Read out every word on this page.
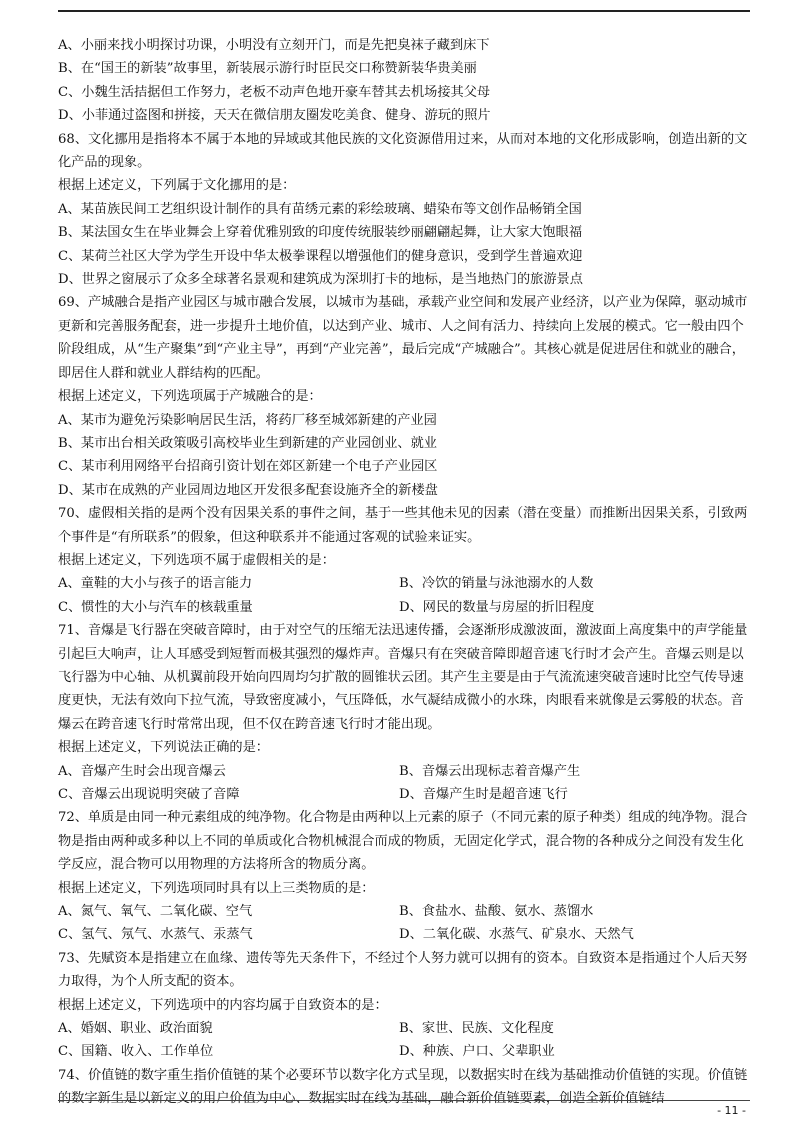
A、小丽来找小明探讨功课，小明没有立刻开门，而是先把臭袜子藏到床下

B、在“国王的新装”故事里，新装展示游行时臣民交口称赞新装华贵美丽

C、小魏生活拮据但工作努力，老板不动声色地开豪车替其去机场接其父母

D、小菲通过盗图和拼接，天天在微信朋友圈发吃美食、健身、游玩的照片

68、文化挪用是指将本不属于本地的异域或其他民族的文化资源借用过来，从而对本地的文化形成影响，创造出新的文化产品的现象。

根据上述定义，下列属于文化挪用的是：

A、某苗族民间工艺组织设计制作的具有苗绣元素的彩绘玻璃、蜡染布等文创作品畅销全国

B、某法国女生在毕业舞会上穿着优雅别致的印度传统服装纱丽翩翩起舞，让大家大饱眼福

C、某荷兰社区大学为学生开设中华太极拳课程以增强他们的健身意识，受到学生普遍欢迎

D、世界之窗展示了众多全球著名景观和建筑成为深圳打卡的地标，是当地热门的旅游景点

69、产城融合是指产业园区与城市融合发展，以城市为基础，承载产业空间和发展产业经济，以产业为保障，驱动城市更新和完善服务配套，进一步提升土地价值，以达到产业、城市、人之间有活力、持续向上发展的模式。它一般由四个阶段组成，从“生产聚集”到“产业主导”，再到“产业完善”，最后完成“产城融合”。其核心就是促进居住和就业的融合，即居住人群和就业人群结构的匹配。

根据上述定义，下列选项属于产城融合的是：

A、某市为避免污染影响居民生活，将药厂移至城郊新建的产业园

B、某市出台相关政策吸引高校毕业生到新建的产业园创业、就业

C、某市利用网络平台招商引资计划在郊区新建一个电子产业园区

D、某市在成熟的产业园周边地区开发很多配套设施齐全的新楼盘

70、虚假相关指的是两个没有因果关系的事件之间，基于一些其他未见的因素（潜在变量）而推断出因果关系，引致两个事件是“有所联系”的假象，但这种联系并不能通过客观的试验来证实。

根据上述定义，下列选项不属于虚假相关的是：

A、童鞋的大小与孩子的语言能力	B、冷饮的销量与泳池溺水的人数
C、惯性的大小与汽车的核载重量	D、网民的数量与房屋的折旧程度

71、音爆是飞行器在突破音障时，由于对空气的压缩无法迅速传播，会逐渐形成激波面，激波面上高度集中的声学能量引起巨大响声，让人耳感受到短暂而极其强烈的爆炸声。音爆只有在突破音障即超音速飞行时才会产生。音爆云则是以飞行器为中心轴、从机翼前段开始向四周均匀扩散的圆锥状云团。其产生主要是由于气流流速突破音速时比空气传导速度更快，无法有效向下拉气流，导致密度减小，气压降低，水气凝结成微小的水珠，肉眼看来就像是云雾般的状态。音爆云在跨音速飞行时常常出现，但不仅在跨音速飞行时才能出现。

根据上述定义，下列说法正确的是：

A、音爆产生时会出现音爆云	B、音爆云出现标志着音爆产生
C、音爆云出现说明突破了音障	D、音爆产生时是超音速飞行

72、单质是由同一种元素组成的纯净物。化合物是由两种以上元素的原子（不同元素的原子种类）组成的纯净物。混合物是指由两种或多种以上不同的单质或化合物机械混合而成的物质，无固定化学式，混合物的各种成分之间没有发生化学反应，混合物可以用物理的方法将所含的物质分离。

根据上述定义，下列选项同时具有以上三类物质的是：

A、氮气、氧气、二氧化碳、空气	B、食盐水、盐酸、氨水、蒸馏水
C、氢气、氖气、水蒸气、汞蒸气	D、二氧化碳、水蒸气、矿泉水、天然气

73、先赋资本是指建立在血缘、遗传等先天条件下，不经过个人努力就可以拥有的资本。自致资本是指通过个人后天努力取得，为个人所支配的资本。

根据上述定义，下列选项中的内容均属于自致资本的是：

A、婚姻、职业、政治面貌	B、家世、民族、文化程度
C、国籍、收入、工作单位	D、种族、户口、父辈职业

74、价值链的数字重生指价值链的某个必要环节以数字化方式呈现，以数据实时在线为基础推动价值链的实现。价值链的数字新生是以新定义的用户价值为中心、数据实时在线为基础，融合新价值链要素，创造全新价值链结

- 11 -
